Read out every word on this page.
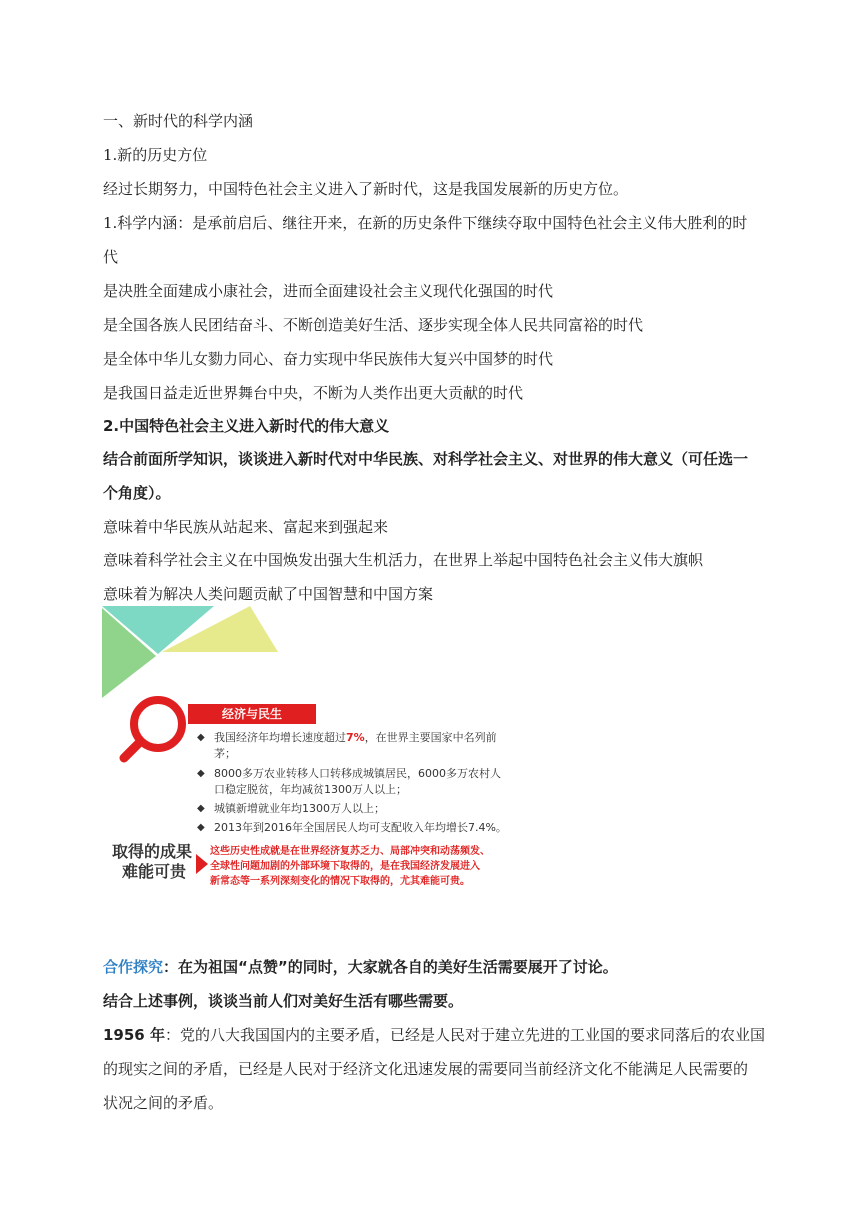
一、新时代的科学内涵
1.新的历史方位
经过长期努力，中国特色社会主义进入了新时代，这是我国发展新的历史方位。
1.科学内涵：是承前启后、继往开来，在新的历史条件下继续夺取中国特色社会主义伟大胜利的时
代
是决胜全面建成小康社会，进而全面建设社会主义现代化强国的时代
是全国各族人民团结奋斗、不断创造美好生活、逐步实现全体人民共同富裕的时代
是全体中华儿女勠力同心、奋力实现中华民族伟大复兴中国梦的时代
是我国日益走近世界舞台中央，不断为人类作出更大贡献的时代
2.中国特色社会主义进入新时代的伟大意义
结合前面所学知识，谈谈进入新时代对中华民族、对科学社会主义、对世界的伟大意义（可任选一
个角度）。
意味着中华民族从站起来、富起来到强起来
意味着科学社会主义在中国焕发出强大生机活力，在世界上举起中国特色社会主义伟大旗帜
意味着为解决人类问题贡献了中国智慧和中国方案
经济与民生
◆ 我国经济年均增长速度超过7%，在世界主要国家中名列前
茅；
◆ 8000多万农业转移人口转移成城镇居民，6000多万农村人
口稳定脱贫，年均减贫1300万人以上；
◆ 城镇新增就业年均1300万人以上；
◆ 2013年到2016年全国居民人均可支配收入年均增长7.4%。
取得的成果
难能可贵
这些历史性成就是在世界经济复苏乏力、局部冲突和动荡频发、
全球性问题加剧的外部环境下取得的，是在我国经济发展进入
新常态等一系列深刻变化的情况下取得的，尤其难能可贵。
合作探究：在为祖国“点赞”的同时，大家就各自的美好生活需要展开了讨论。
结合上述事例，谈谈当前人们对美好生活有哪些需要。
1956 年：党的八大我国国内的主要矛盾，已经是人民对于建立先进的工业国的要求同落后的农业国
的现实之间的矛盾，已经是人民对于经济文化迅速发展的需要同当前经济文化不能满足人民需要的
状况之间的矛盾。
